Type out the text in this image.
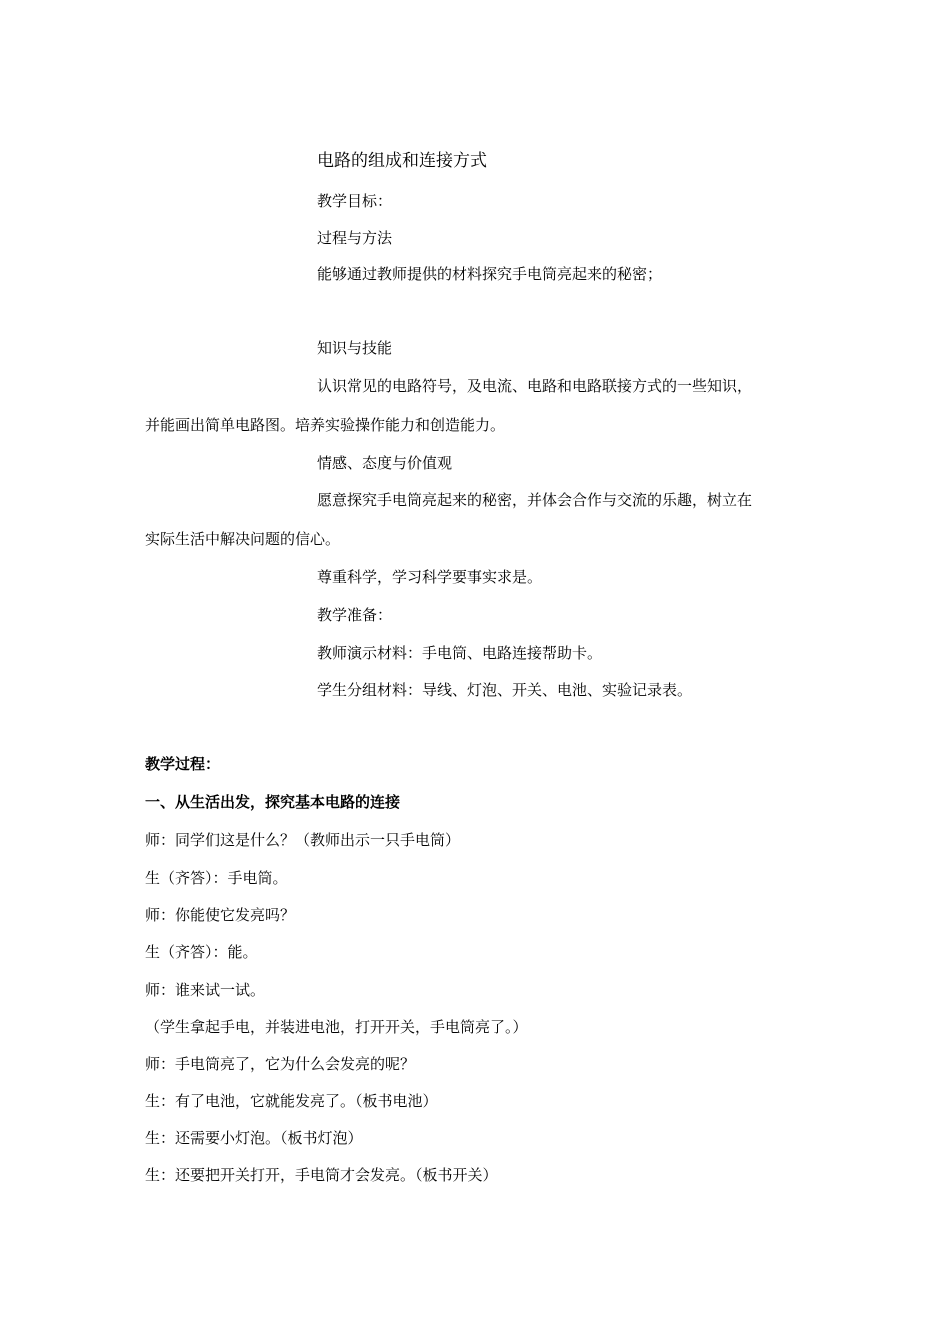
电路的组成和连接方式
教学目标：
过程与方法
能够通过教师提供的材料探究手电筒亮起来的秘密；
知识与技能
认识常见的电路符号，及电流、电路和电路联接方式的一些知识，
并能画出简单电路图。培养实验操作能力和创造能力。
情感、态度与价值观
愿意探究手电筒亮起来的秘密，并体会合作与交流的乐趣，树立在
实际生活中解决问题的信心。
尊重科学，学习科学要事实求是。
教学准备：
教师演示材料：手电筒、电路连接帮助卡。
学生分组材料：导线、灯泡、开关、电池、实验记录表。
教学过程：
一、从生活出发，探究基本电路的连接
师：同学们这是什么？（教师出示一只手电筒）
生（齐答）：手电筒。
师：你能使它发亮吗？
生（齐答）：能。
师：谁来试一试。
（学生拿起手电，并装进电池，打开开关，手电筒亮了。）
师：手电筒亮了，它为什么会发亮的呢？
生：有了电池，它就能发亮了。（板书电池）
生：还需要小灯泡。（板书灯泡）
生：还要把开关打开，手电筒才会发亮。（板书开关）
